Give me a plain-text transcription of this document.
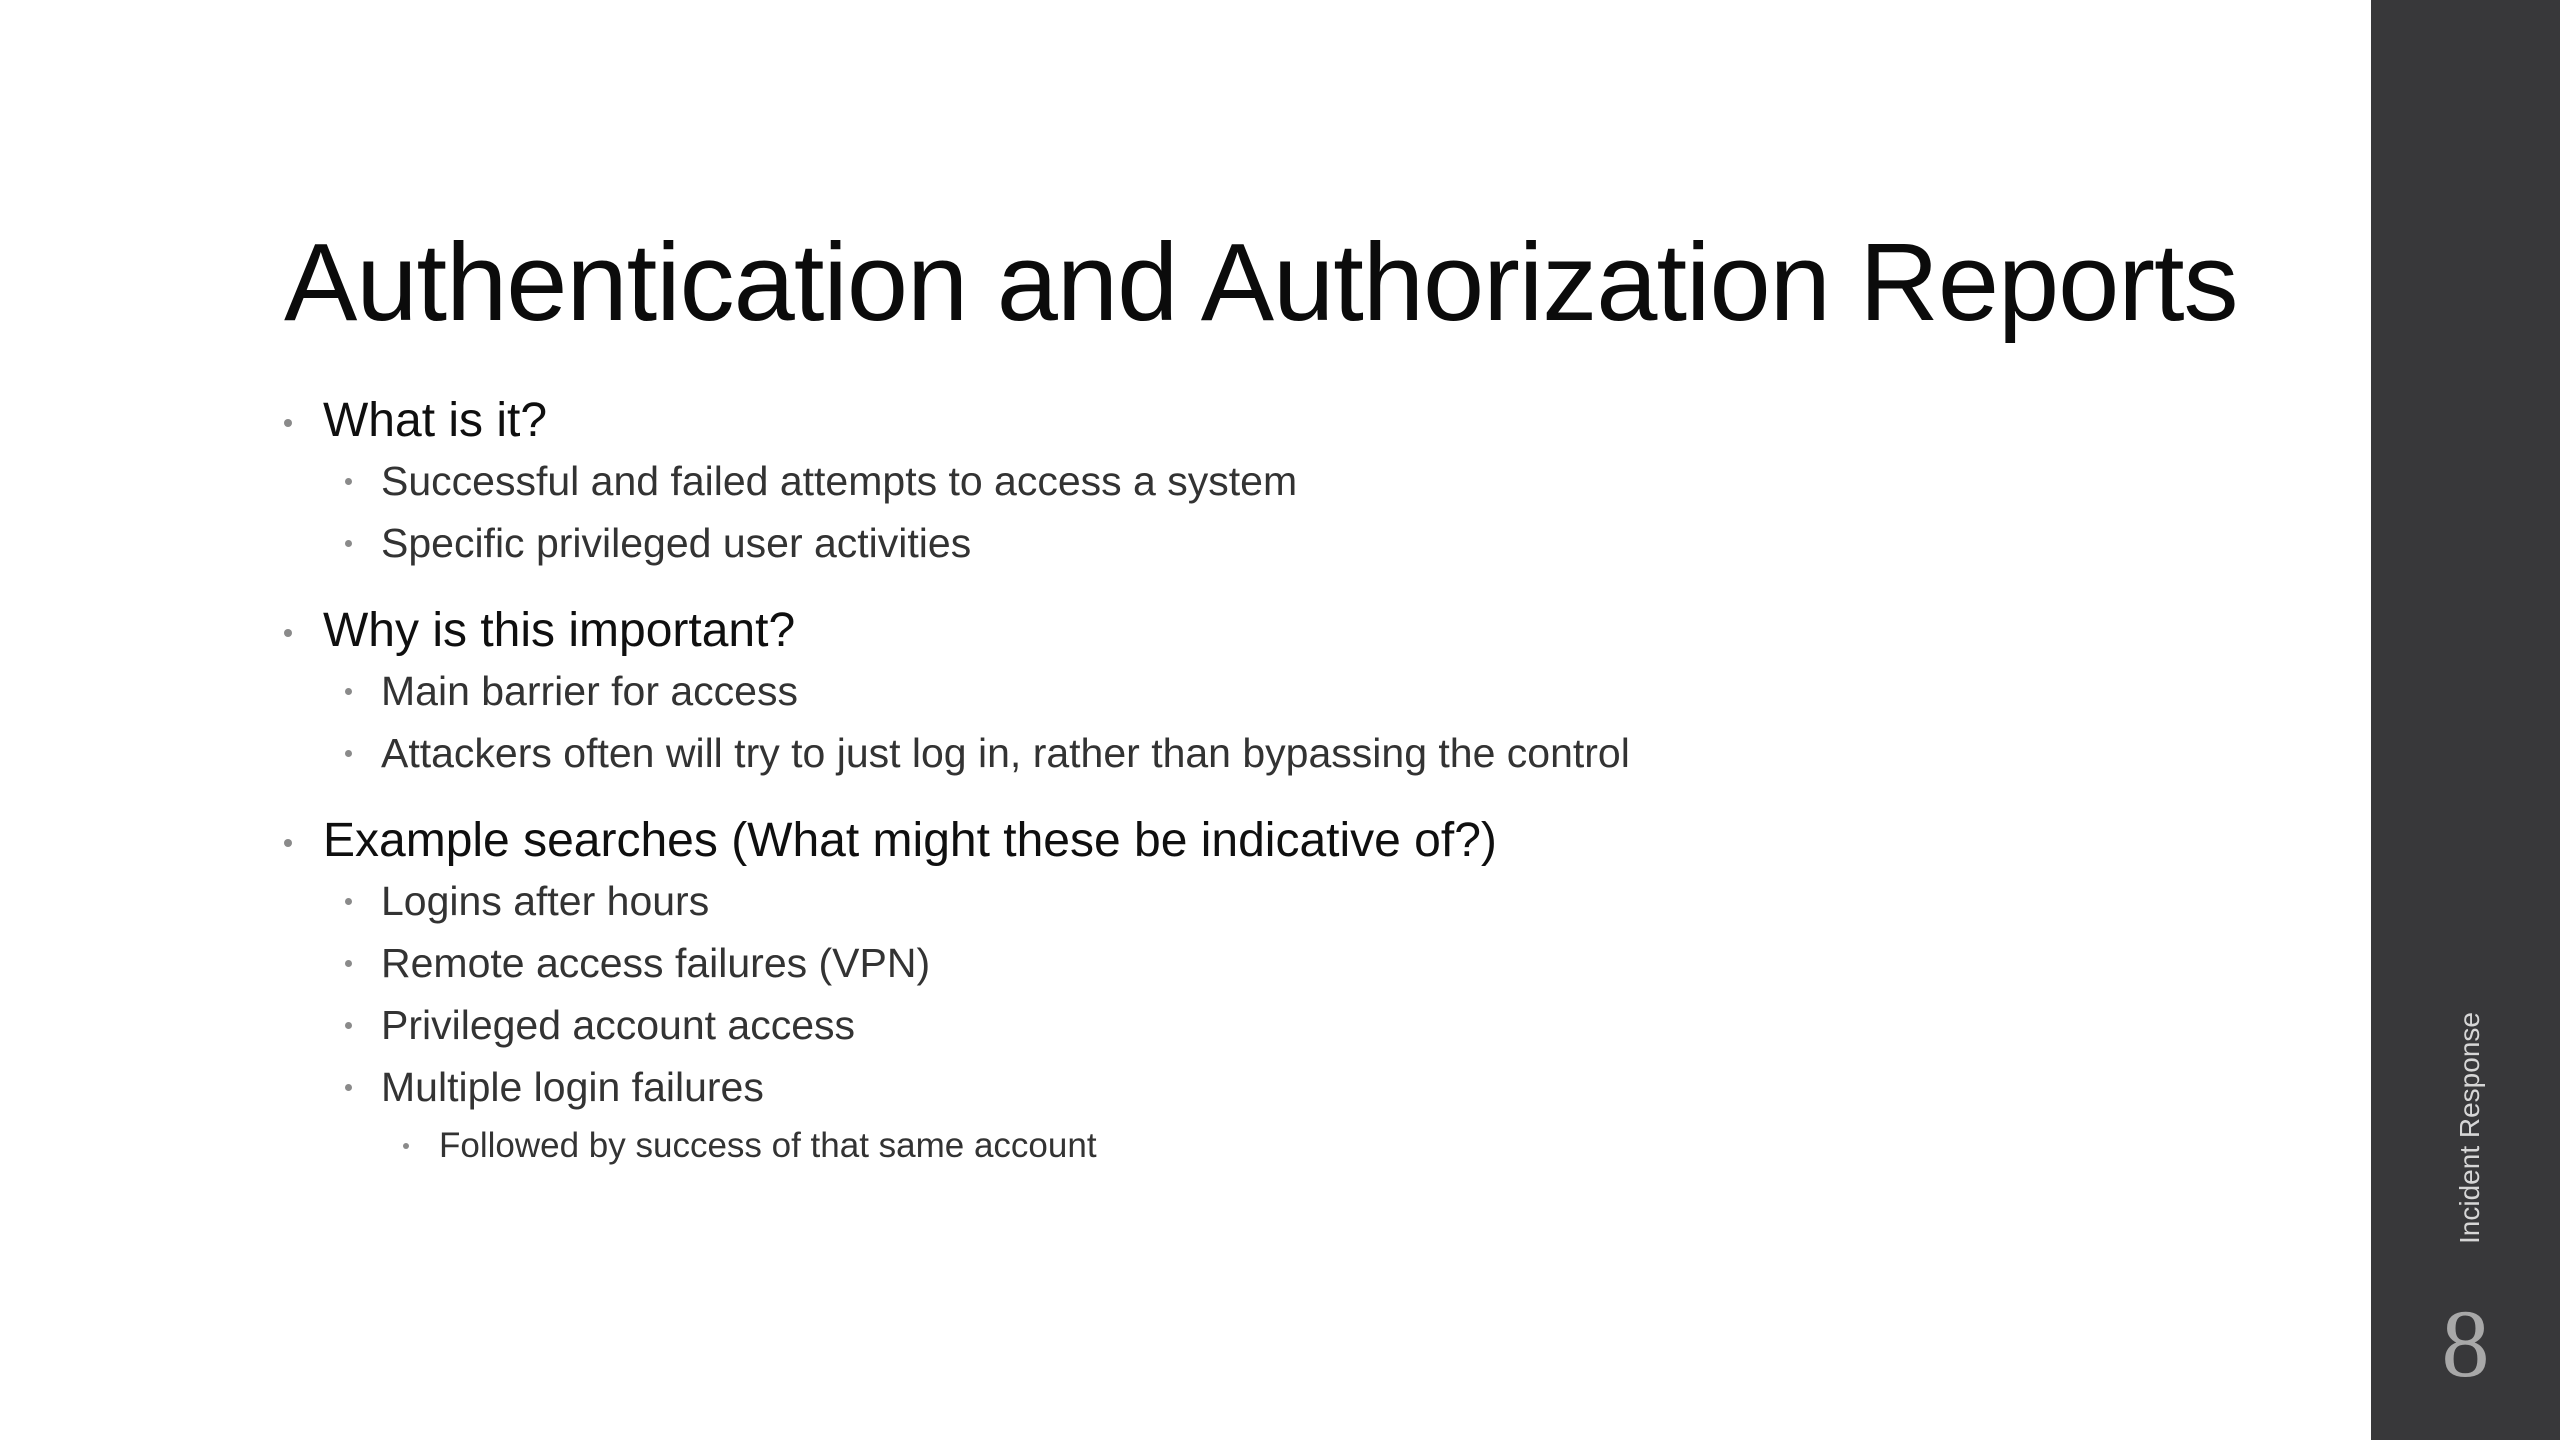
Authentication and Authorization Reports
What is it?
Successful and failed attempts to access a system
Specific privileged user activities
Why is this important?
Main barrier for access
Attackers often will try to just log in, rather than bypassing the control
Example searches (What might these be indicative of?)
Logins after hours
Remote access failures (VPN)
Privileged account access
Multiple login failures
Followed by success of that same account	Incident Response
8
